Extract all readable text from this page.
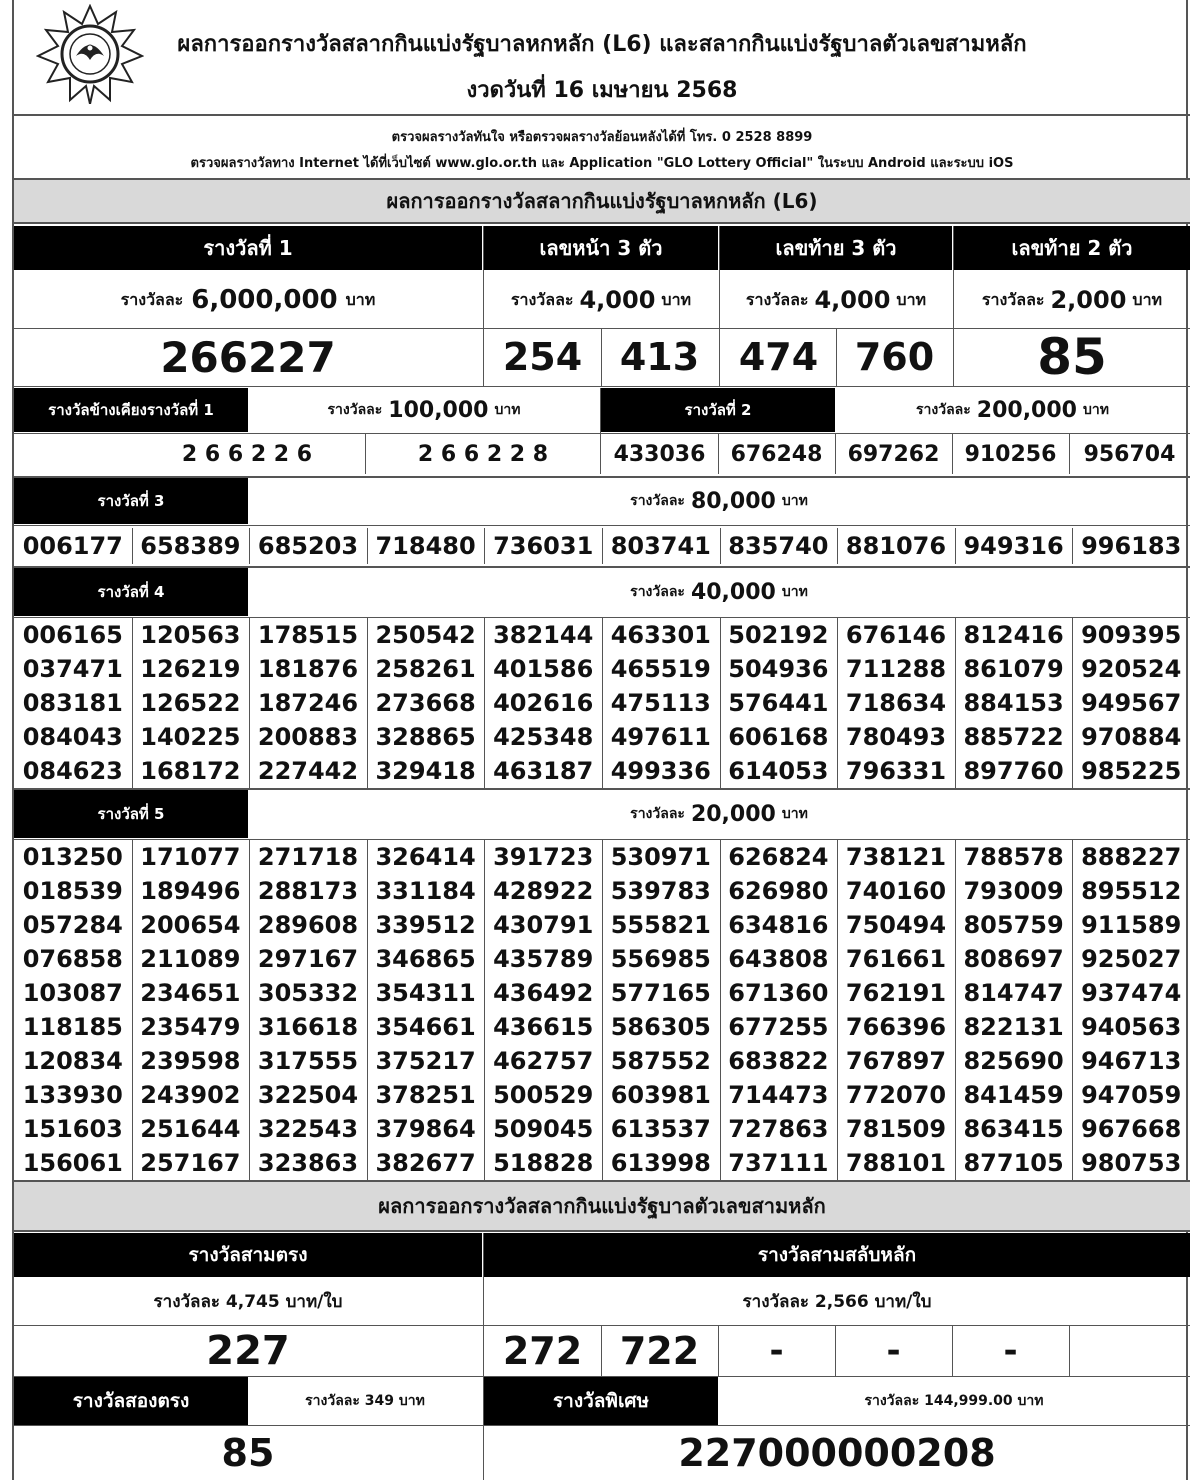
ผลการออกรางวัลสลากกินแบ่งรัฐบาลหกหลัก (L6) และสลากกินแบ่งรัฐบาลตัวเลขสามหลัก
งวดวันที่ 16 เมษายน 2568
ตรวจผลรางวัลทันใจ หรือตรวจผลรางวัลย้อนหลังได้ที่ โทร. 0 2528 8899
ตรวจผลรางวัลทาง Internet ได้ที่เว็บไซต์ www.glo.or.th และ Application "GLO Lottery Official" ในระบบ Android และระบบ iOS
ผลการออกรางวัลสลากกินแบ่งรัฐบาลหกหลัก (L6)
รางวัลที่ 1	เลขหน้า 3 ตัว	เลขท้าย 3 ตัว	เลขท้าย 2 ตัว
รางวัลละ 6,000,000 บาท	รางวัลละ 4,000 บาท	รางวัลละ 4,000 บาท	รางวัลละ 2,000 บาท
266227	254 413	474 760	85
รางวัลข้างเคียงรางวัลที่ 1	รางวัลละ 100,000 บาท	รางวัลที่ 2	รางวัลละ 200,000 บาท
2 6 6 2 2 6	2 6 6 2 2 8	433036	676248	697262	910256	956704
รางวัลที่ 3	รางวัลละ 80,000 บาท
006177 658389 685203 718480 736031 803741 835740 881076 949316 996183
รางวัลที่ 4	รางวัลละ 40,000 บาท
006165 120563 178515 250542 382144 463301 502192 676146 812416 909395
037471 126219 181876 258261 401586 465519 504936 711288 861079 920524
083181 126522 187246 273668 402616 475113 576441 718634 884153 949567
084043 140225 200883 328865 425348 497611 606168 780493 885722 970884
084623 168172 227442 329418 463187 499336 614053 796331 897760 985225
รางวัลที่ 5	รางวัลละ 20,000 บาท
013250 171077 271718 326414 391723 530971 626824 738121 788578 888227
018539 189496 288173 331184 428922 539783 626980 740160 793009 895512
057284 200654 289608 339512 430791 555821 634816 750494 805759 911589
076858 211089 297167 346865 435789 556985 643808 761661 808697 925027
103087 234651 305332 354311 436492 577165 671360 762191 814747 937474
118185 235479 316618 354661 436615 586305 677255 766396 822131 940563
120834 239598 317555 375217 462757 587552 683822 767897 825690 946713
133930 243902 322504 378251 500529 603981 714473 772070 841459 947059
151603 251644 322543 379864 509045 613537 727863 781509 863415 967668
156061 257167 323863 382677 518828 613998 737111 788101 877105 980753
ผลการออกรางวัลสลากกินแบ่งรัฐบาลตัวเลขสามหลัก
รางวัลสามตรง	รางวัลสามสลับหลัก
รางวัลละ 4,745 บาท/ใบ	รางวัลละ 2,566 บาท/ใบ
227	272 722	-	-	-
รางวัลสองตรง	รางวัลละ 349 บาท	รางวัลพิเศษ	รางวัลละ 144,999.00 บาท
85	227000000208
